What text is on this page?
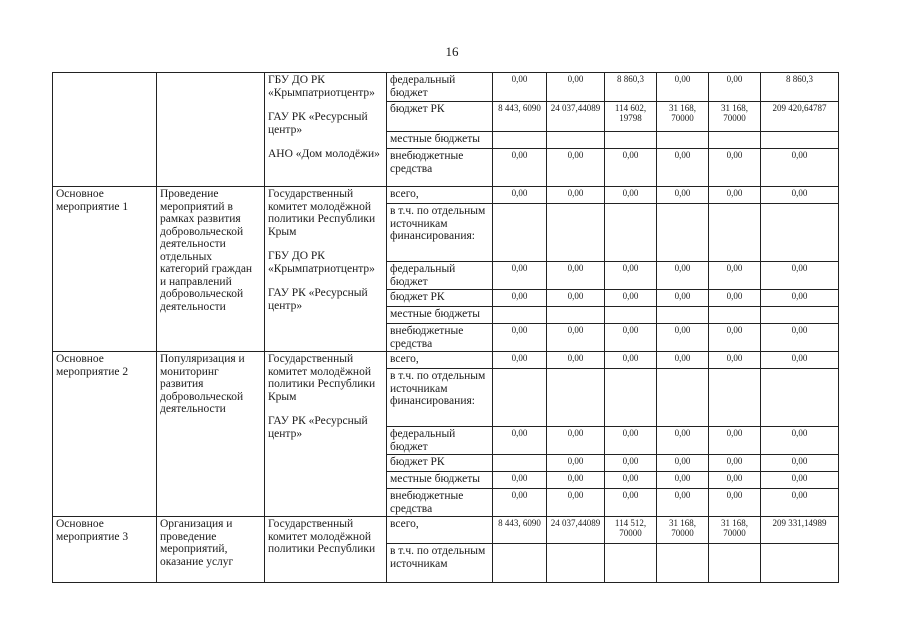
16

		ГБУ ДО РК «Крымпатриотцентр»
ГАУ РК «Ресурсный центр»
АНО «Дом молодёжи»	федеральный бюджет	0,00	0,00	8 860,3	0,00	0,00	8 860,3
			бюджет РК	8 443, 6090	24 037,44089	114 602, 19798	31 168, 70000	31 168, 70000	209 420,64787
			местные бюджеты						
			внебюджетные средства	0,00	0,00	0,00	0,00	0,00	0,00
Основное мероприятие 1	Проведение мероприятий в рамках развития добровольческой деятельности отдельных категорий граждан и направлений добровольческой деятельности	Государственный комитет молодёжной политики Республики Крым
ГБУ ДО РК «Крымпатриотцентр»
ГАУ РК «Ресурсный центр»	всего,	0,00	0,00	0,00	0,00	0,00	0,00
			в т.ч. по отдельным источникам финансирования:						
			федеральный бюджет	0,00	0,00	0,00	0,00	0,00	0,00
			бюджет РК	0,00	0,00	0,00	0,00	0,00	0,00
			местные бюджеты						
			внебюджетные средства	0,00	0,00	0,00	0,00	0,00	0,00
Основное мероприятие 2	Популяризация и мониторинг развития добровольческой деятельности	Государственный комитет молодёжной политики Республики Крым
ГАУ РК «Ресурсный центр»	всего,	0,00	0,00	0,00	0,00	0,00	0,00
			в т.ч. по отдельным источникам финансирования:						
			федеральный бюджет	0,00	0,00	0,00	0,00	0,00	0,00
			бюджет РК		0,00	0,00	0,00	0,00	0,00
			местные бюджеты	0,00	0,00	0,00	0,00	0,00	0,00
			внебюджетные средства	0,00	0,00	0,00	0,00	0,00	0,00
Основное мероприятие 3	Организация и проведение мероприятий, оказание услуг	Государственный комитет молодёжной политики Республики	всего,	8 443, 6090	24 037,44089	114 512, 70000	31 168, 70000	31 168, 70000	209 331,14989
			в т.ч. по отдельным источникам						
